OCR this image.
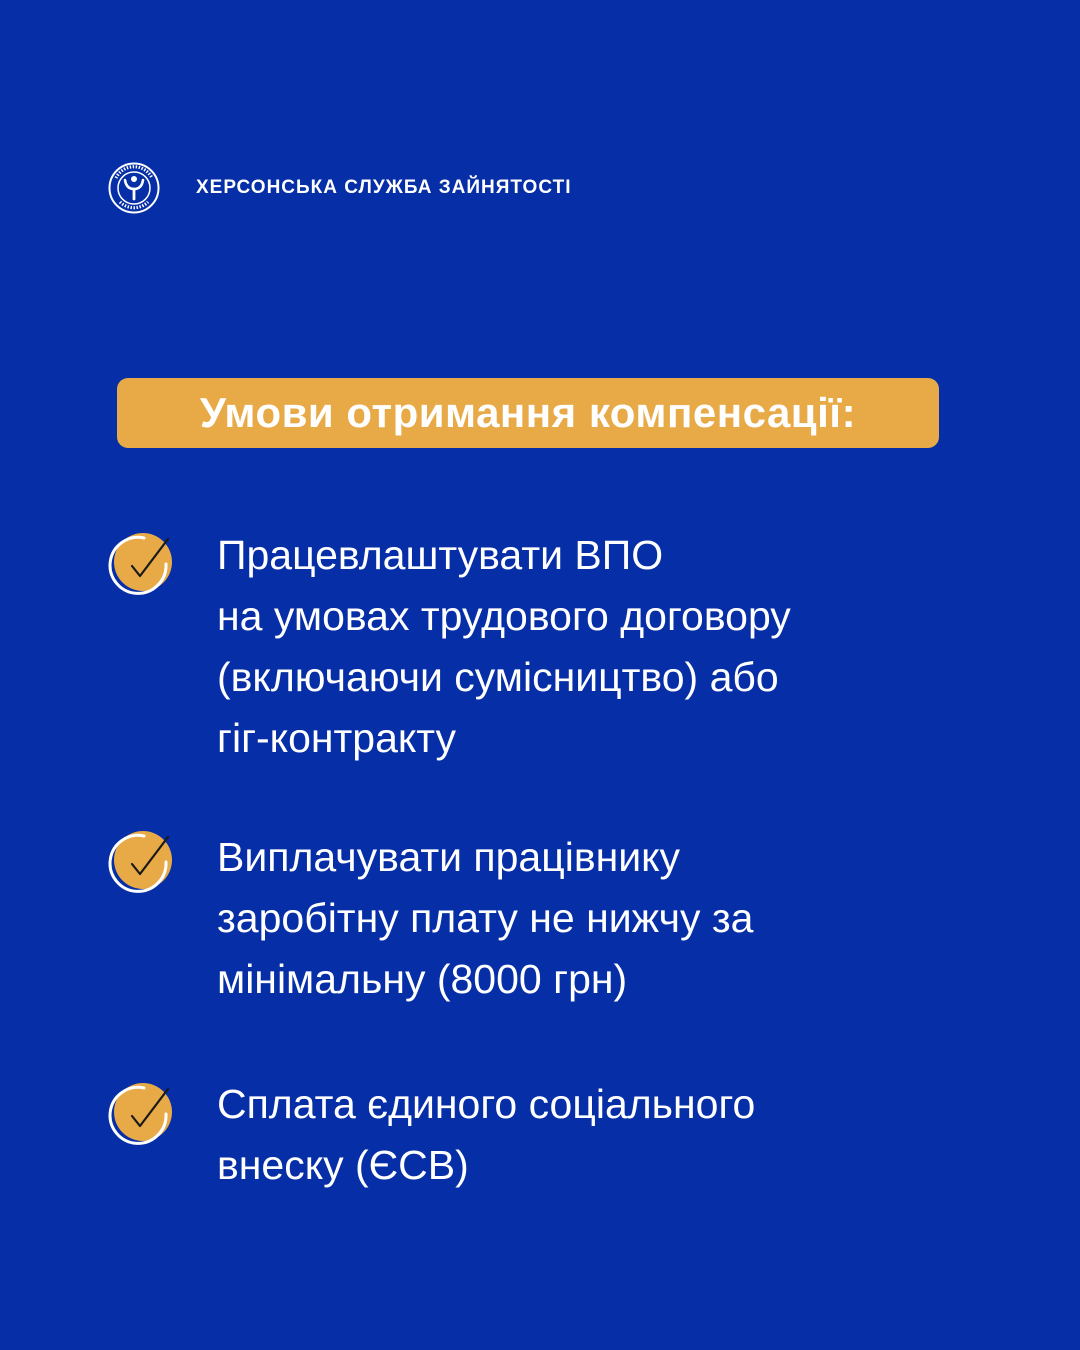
ХЕРСОНСЬКА СЛУЖБА ЗАЙНЯТОСТІ
Умови отримання компенсації:

Працевлаштувати ВПО
на умовах трудового договору
(включаючи сумісництво) або
гіг-контракту

Виплачувати працівнику
заробітну плату не нижчу за
мінімальну (8000 грн)

Сплата єдиного соціального
внеску (ЄСВ)
